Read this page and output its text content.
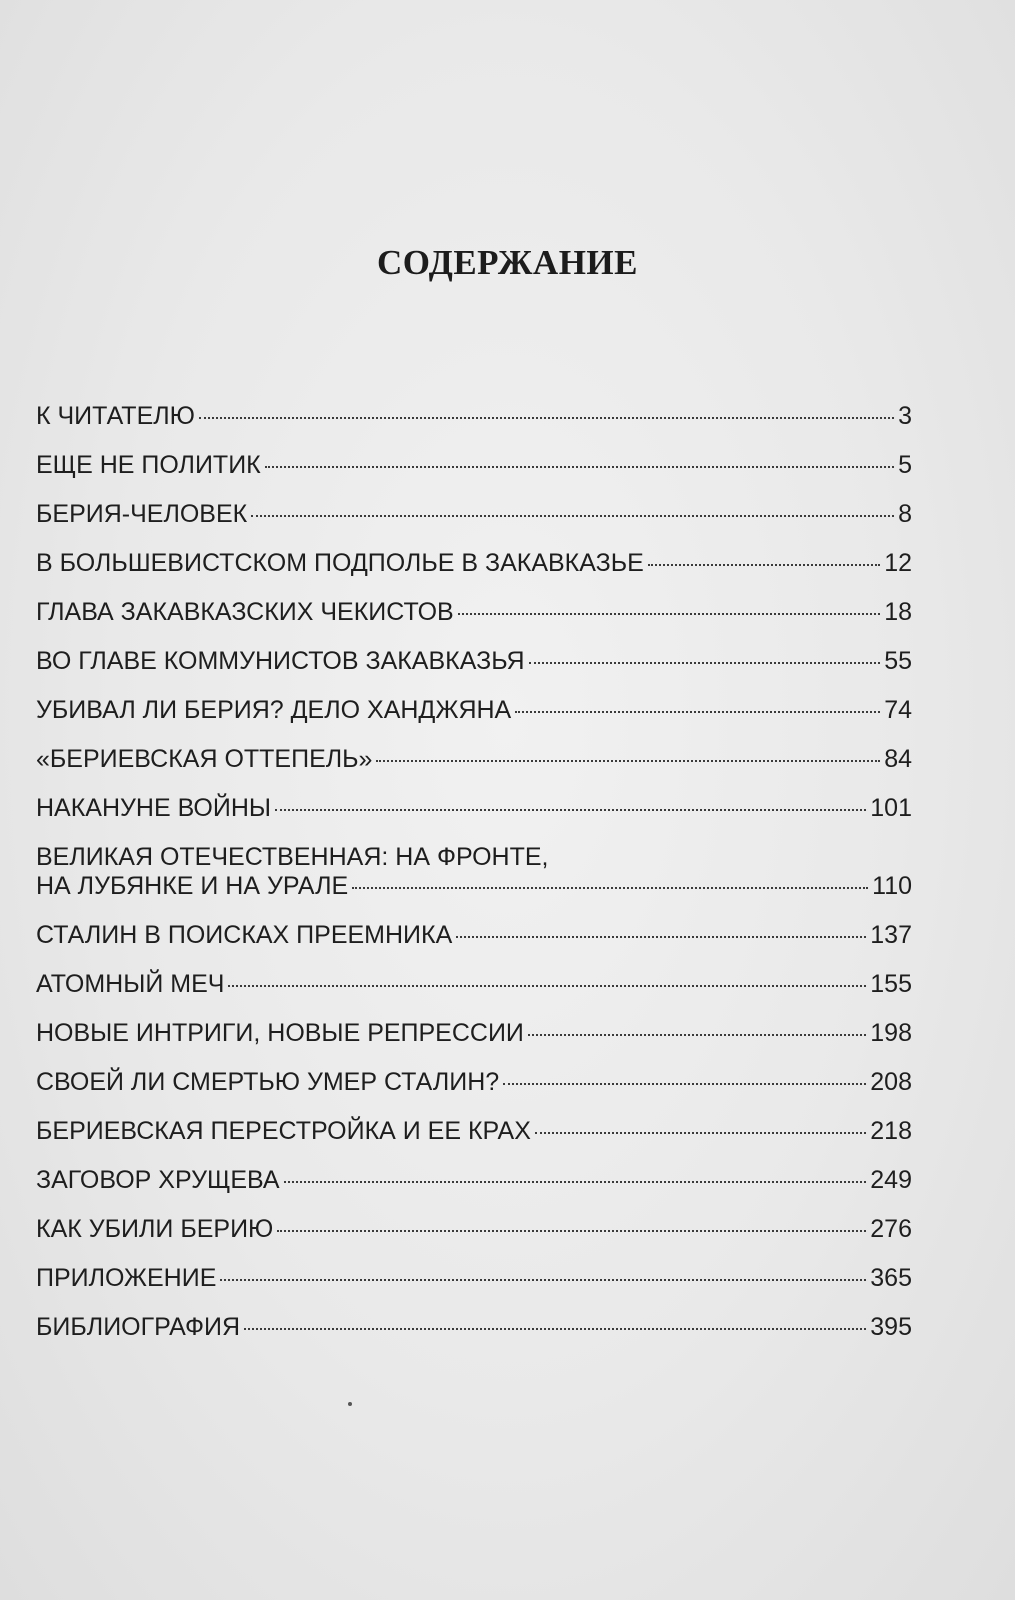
СОДЕРЖАНИЕ
К ЧИТАТЕЛЮ	3
ЕЩЕ НЕ ПОЛИТИК	5
БЕРИЯ-ЧЕЛОВЕК	8
В БОЛЬШЕВИСТСКОМ ПОДПОЛЬЕ В ЗАКАВКАЗЬЕ	12
ГЛАВА ЗАКАВКАЗСКИХ ЧЕКИСТОВ	18
ВО ГЛАВЕ КОММУНИСТОВ ЗАКАВКАЗЬЯ	55
УБИВАЛ ЛИ БЕРИЯ? ДЕЛО ХАНДЖЯНА	74
«БЕРИЕВСКАЯ ОТТЕПЕЛЬ»	84
НАКАНУНЕ ВОЙНЫ	101
ВЕЛИКАЯ ОТЕЧЕСТВЕННАЯ: НА ФРОНТЕ,
НА ЛУБЯНКЕ И НА УРАЛЕ	110
СТАЛИН В ПОИСКАХ ПРЕЕМНИКА	137
АТОМНЫЙ МЕЧ	155
НОВЫЕ ИНТРИГИ, НОВЫЕ РЕПРЕССИИ	198
СВОЕЙ ЛИ СМЕРТЬЮ УМЕР СТАЛИН?	208
БЕРИЕВСКАЯ ПЕРЕСТРОЙКА И ЕЕ КРАХ	218
ЗАГОВОР ХРУЩЕВА	249
КАК УБИЛИ БЕРИЮ	276
ПРИЛОЖЕНИЕ	365
БИБЛИОГРАФИЯ	395
